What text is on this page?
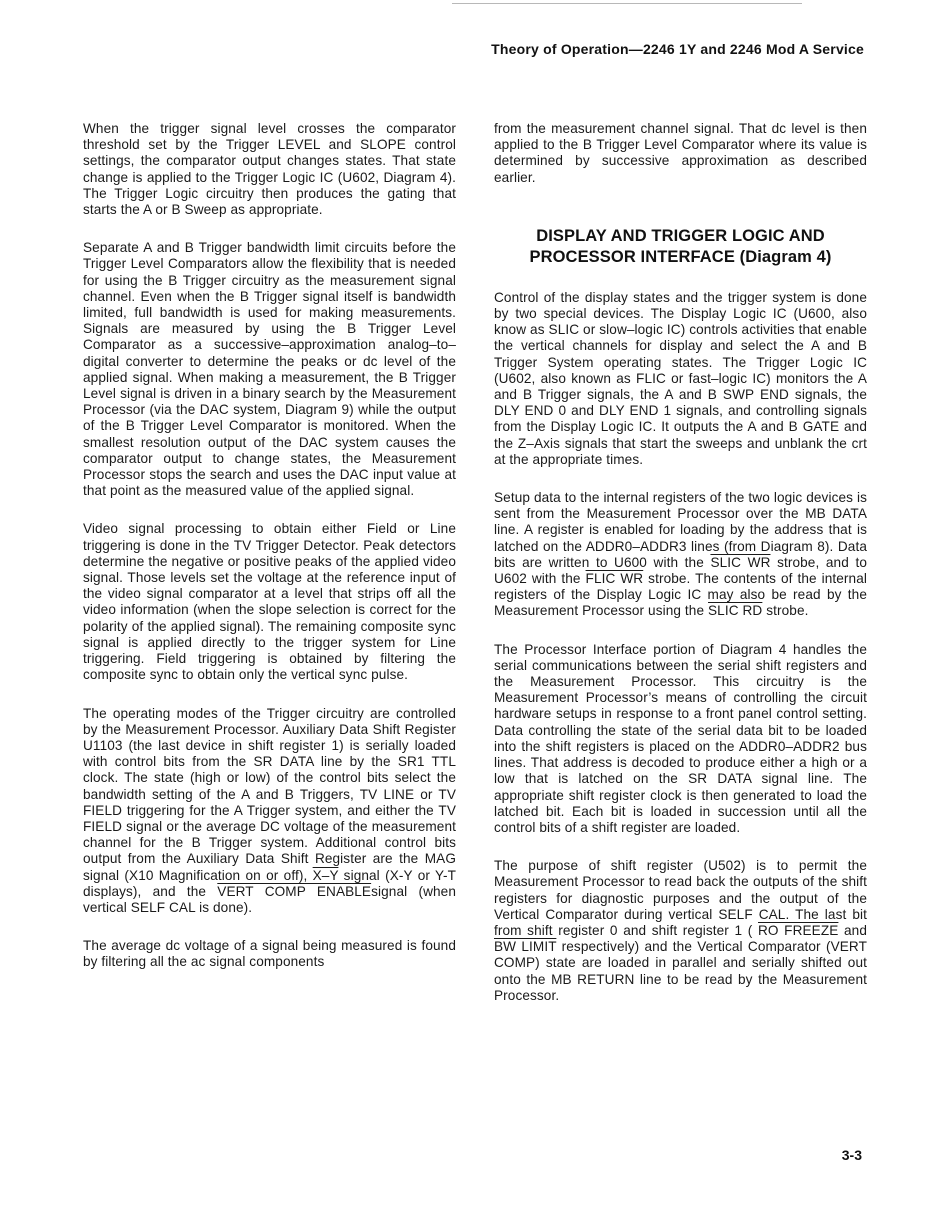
Theory of Operation—2246 1Y and 2246 Mod A Service

When the trigger signal level crosses the comparator threshold set by the Trigger LEVEL and SLOPE control settings, the comparator output changes states. That state change is applied to the Trigger Logic IC (U602, Diagram 4). The Trigger Logic circuitry then produces the gating that starts the A or B Sweep as appropriate.

Separate A and B Trigger bandwidth limit circuits before the Trigger Level Comparators allow the flexibility that is needed for using the B Trigger circuitry as the measurement signal channel. Even when the B Trigger signal itself is bandwidth limited, full bandwidth is used for making measurements. Signals are measured by using the B Trigger Level Comparator as a successive–approximation analog–to–digital converter to determine the peaks or dc level of the applied signal. When making a measurement, the B Trigger Level signal is driven in a binary search by the Measurement Processor (via the DAC system, Diagram 9) while the output of the B Trigger Level Comparator is monitored. When the smallest resolution output of the DAC system causes the comparator output to change states, the Measurement Processor stops the search and uses the DAC input value at that point as the measured value of the applied signal.

Video signal processing to obtain either Field or Line triggering is done in the TV Trigger Detector. Peak detectors determine the negative or positive peaks of the applied video signal. Those levels set the voltage at the reference input of the video signal comparator at a level that strips off all the video information (when the slope selection is correct for the polarity of the applied signal). The remaining composite sync signal is applied directly to the trigger system for Line triggering. Field triggering is obtained by filtering the composite sync to obtain only the vertical sync pulse.

The operating modes of the Trigger circuitry are controlled by the Measurement Processor. Auxiliary Data Shift Register U1103 (the last device in shift register 1) is serially loaded with control bits from the SR DATA line by the SR1 TTL clock. The state (high or low) of the control bits select the bandwidth setting of the A and B Triggers, TV LINE or TV FIELD triggering for the A Trigger system, and either the TV FIELD signal or the average DC voltage of the measurement channel for the B Trigger system. Additional control bits output from the Auxiliary Data Shift Register are the MAG signal (X10 Magnification on or off), X–Y signal (X-Y or Y-T displays), and the VERT COMP ENABLEsignal (when vertical SELF CAL is done).

The average dc voltage of a signal being measured is found by filtering all the ac signal components

from the measurement channel signal. That dc level is then applied to the B Trigger Level Comparator where its value is determined by successive approximation as described earlier.

DISPLAY AND TRIGGER LOGIC AND PROCESSOR INTERFACE (Diagram 4)

Control of the display states and the trigger system is done by two special devices. The Display Logic IC (U600, also know as SLIC or slow–logic IC) controls activities that enable the vertical channels for display and select the A and B Trigger System operating states. The Trigger Logic IC (U602, also known as FLIC or fast–logic IC) monitors the A and B Trigger signals, the A and B SWP END signals, the DLY END 0 and DLY END 1 signals, and controlling signals from the Display Logic IC. It outputs the A and B GATE and the Z–Axis signals that start the sweeps and unblank the crt at the appropriate times.

Setup data to the internal registers of the two logic devices is sent from the Measurement Processor over the MB DATA line. A register is enabled for loading by the address that is latched on the ADDR0–ADDR3 lines (from Diagram 8). Data bits are written to U600 with the SLIC WR strobe, and to U602 with the FLIC WR strobe. The contents of the internal registers of the Display Logic IC may also be read by the Measurement Processor using the SLIC RD strobe.

The Processor Interface portion of Diagram 4 handles the serial communications between the serial shift registers and the Measurement Processor. This circuitry is the Measurement Processor’s means of controlling the circuit hardware setups in response to a front panel control setting. Data controlling the state of the serial data bit to be loaded into the shift registers is placed on the ADDR0–ADDR2 bus lines. That address is decoded to produce either a high or a low that is latched on the SR DATA signal line. The appropriate shift register clock is then generated to load the latched bit. Each bit is loaded in succession until all the control bits of a shift register are loaded.

The purpose of shift register (U502) is to permit the Measurement Processor to read back the outputs of the shift registers for diagnostic purposes and the output of the Vertical Comparator during vertical SELF CAL. The last bit from shift register 0 and shift register 1 ( RO FREEZE and BW LIMIT respectively) and the Vertical Comparator (VERT COMP) state are loaded in parallel and serially shifted out onto the MB RETURN line to be read by the Measurement Processor.

3-3
